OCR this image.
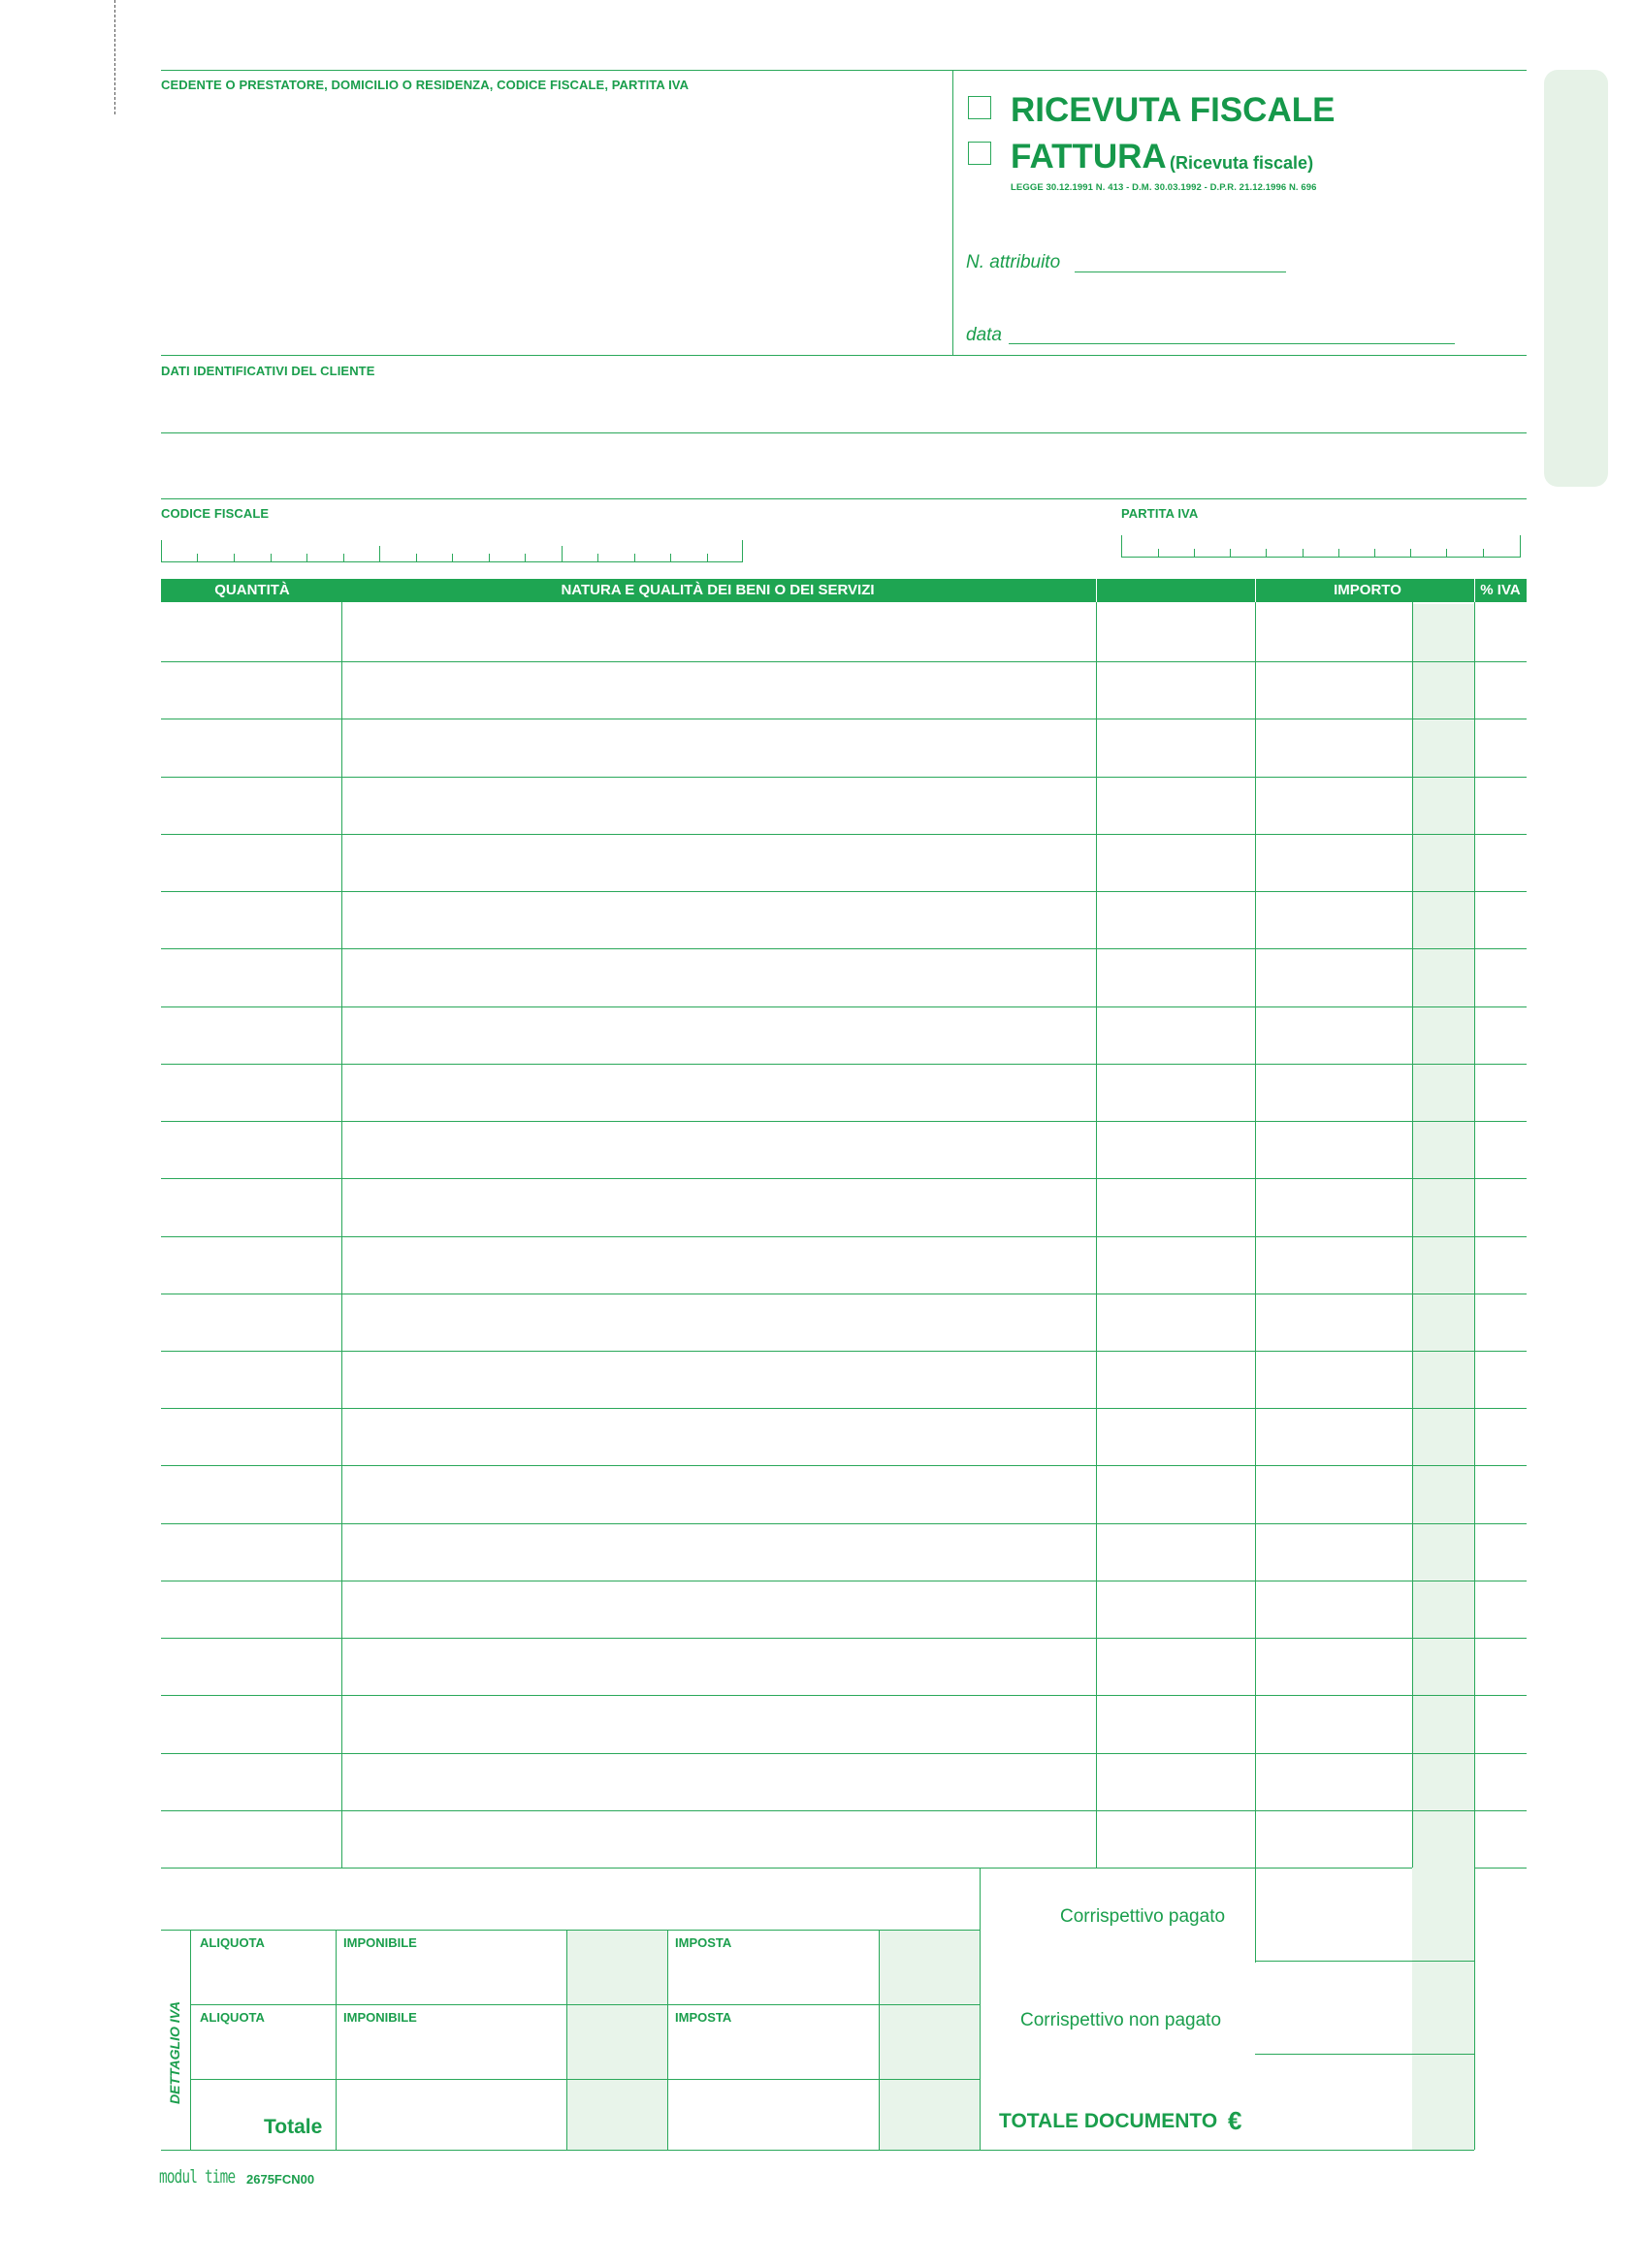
CEDENTE O PRESTATORE, DOMICILIO O RESIDENZA, CODICE FISCALE, PARTITA IVA
RICEVUTA FISCALE
FATTURA (Ricevuta fiscale)
LEGGE 30.12.1991 N. 413 - D.M. 30.03.1992 - D.P.R. 21.12.1996 N. 696
N. attribuito
data
DATI IDENTIFICATIVI DEL CLIENTE
CODICE FISCALE	PARTITA IVA
QUANTITÀ	NATURA E QUALITÀ DEI BENI O DEI SERVIZI	IMPORTO	% IVA
DETTAGLIO IVA
ALIQUOTA	IMPONIBILE	IMPOSTA
ALIQUOTA	IMPONIBILE	IMPOSTA
Totale
Corrispettivo pagato
Corrispettivo non pagato
TOTALE DOCUMENTO €
modul time 2675FCN00
